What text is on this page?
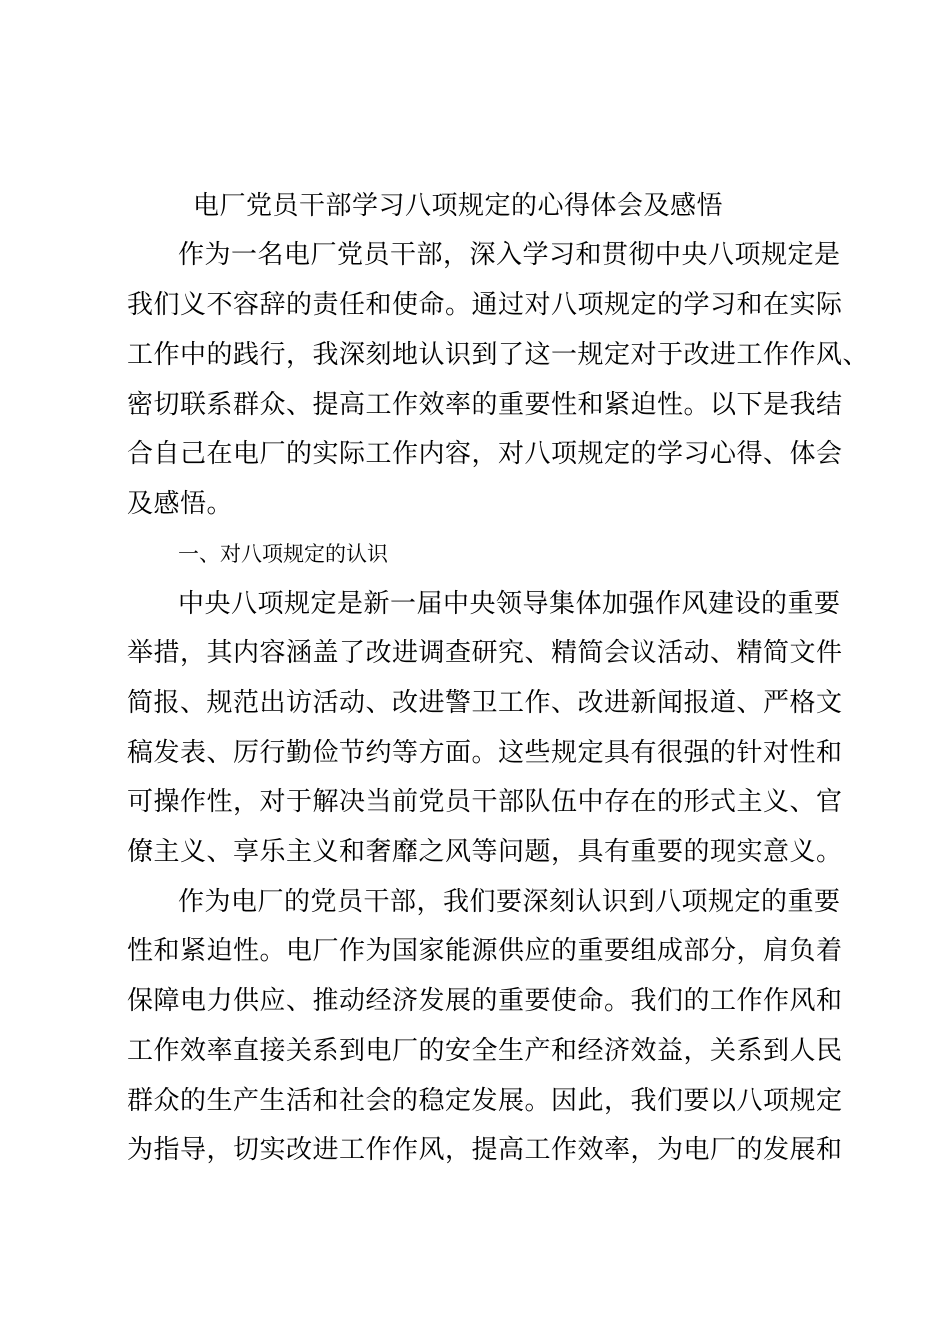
电厂党员干部学习八项规定的心得体会及感悟
作为一名电厂党员干部，深入学习和贯彻中央八项规定是
我们义不容辞的责任和使命。通过对八项规定的学习和在实际
工作中的践行，我深刻地认识到了这一规定对于改进工作作风、
密切联系群众、提高工作效率的重要性和紧迫性。以下是我结
合自己在电厂的实际工作内容，对八项规定的学习心得、体会
及感悟。
一、对八项规定的认识
中央八项规定是新一届中央领导集体加强作风建设的重要
举措，其内容涵盖了改进调查研究、精简会议活动、精简文件
简报、规范出访活动、改进警卫工作、改进新闻报道、严格文
稿发表、厉行勤俭节约等方面。这些规定具有很强的针对性和
可操作性，对于解决当前党员干部队伍中存在的形式主义、官
僚主义、享乐主义和奢靡之风等问题，具有重要的现实意义。
作为电厂的党员干部，我们要深刻认识到八项规定的重要
性和紧迫性。电厂作为国家能源供应的重要组成部分，肩负着
保障电力供应、推动经济发展的重要使命。我们的工作作风和
工作效率直接关系到电厂的安全生产和经济效益，关系到人民
群众的生产生活和社会的稳定发展。因此，我们要以八项规定
为指导，切实改进工作作风，提高工作效率，为电厂的发展和
